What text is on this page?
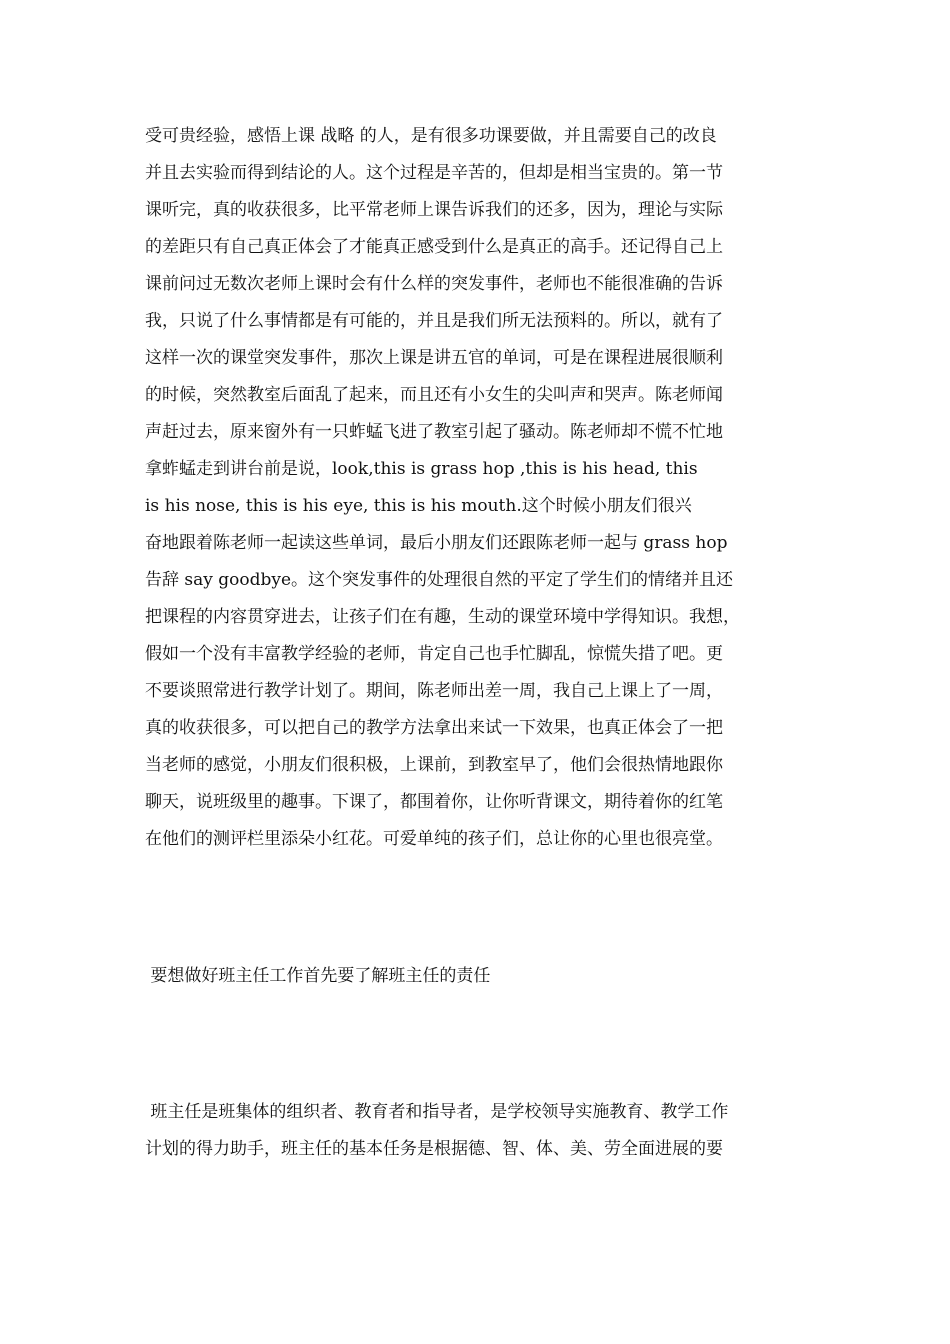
受可贵经验，感悟上课 战略 的人，是有很多功课要做，并且需要自己的改良
并且去实验而得到结论的人。这个过程是辛苦的，但却是相当宝贵的。第一节
课听完，真的收获很多，比平常老师上课告诉我们的还多，因为，理论与实际
的差距只有自己真正体会了才能真正感受到什么是真正的高手。还记得自己上
课前问过无数次老师上课时会有什么样的突发事件，老师也不能很准确的告诉
我，只说了什么事情都是有可能的，并且是我们所无法预料的。所以，就有了
这样一次的课堂突发事件，那次上课是讲五官的单词，可是在课程进展很顺利
的时候，突然教室后面乱了起来，而且还有小女生的尖叫声和哭声。陈老师闻
声赶过去，原来窗外有一只蚱蜢飞进了教室引起了骚动。陈老师却不慌不忙地
拿蚱蜢走到讲台前是说，look,this is grass hop ,this is his head, this
is his nose, this is his eye, this is his mouth.这个时候小朋友们很兴
奋地跟着陈老师一起读这些单词，最后小朋友们还跟陈老师一起与 grass hop
告辞 say goodbye。这个突发事件的处理很自然的平定了学生们的情绪并且还
把课程的内容贯穿进去，让孩子们在有趣，生动的课堂环境中学得知识。我想，
假如一个没有丰富教学经验的老师，肯定自己也手忙脚乱，惊慌失措了吧。更
不要谈照常进行教学计划了。期间，陈老师出差一周，我自己上课上了一周，
真的收获很多，可以把自己的教学方法拿出来试一下效果，也真正体会了一把
当老师的感觉，小朋友们很积极，上课前，到教室早了，他们会很热情地跟你
聊天，说班级里的趣事。下课了，都围着你，让你听背课文，期待着你的红笔
在他们的测评栏里添朵小红花。可爱单纯的孩子们，总让你的心里也很亮堂。
要想做好班主任工作首先要了解班主任的责任
班主任是班集体的组织者、教育者和指导者，是学校领导实施教育、教学工作
计划的得力助手，班主任的基本任务是根据德、智、体、美、劳全面进展的要
